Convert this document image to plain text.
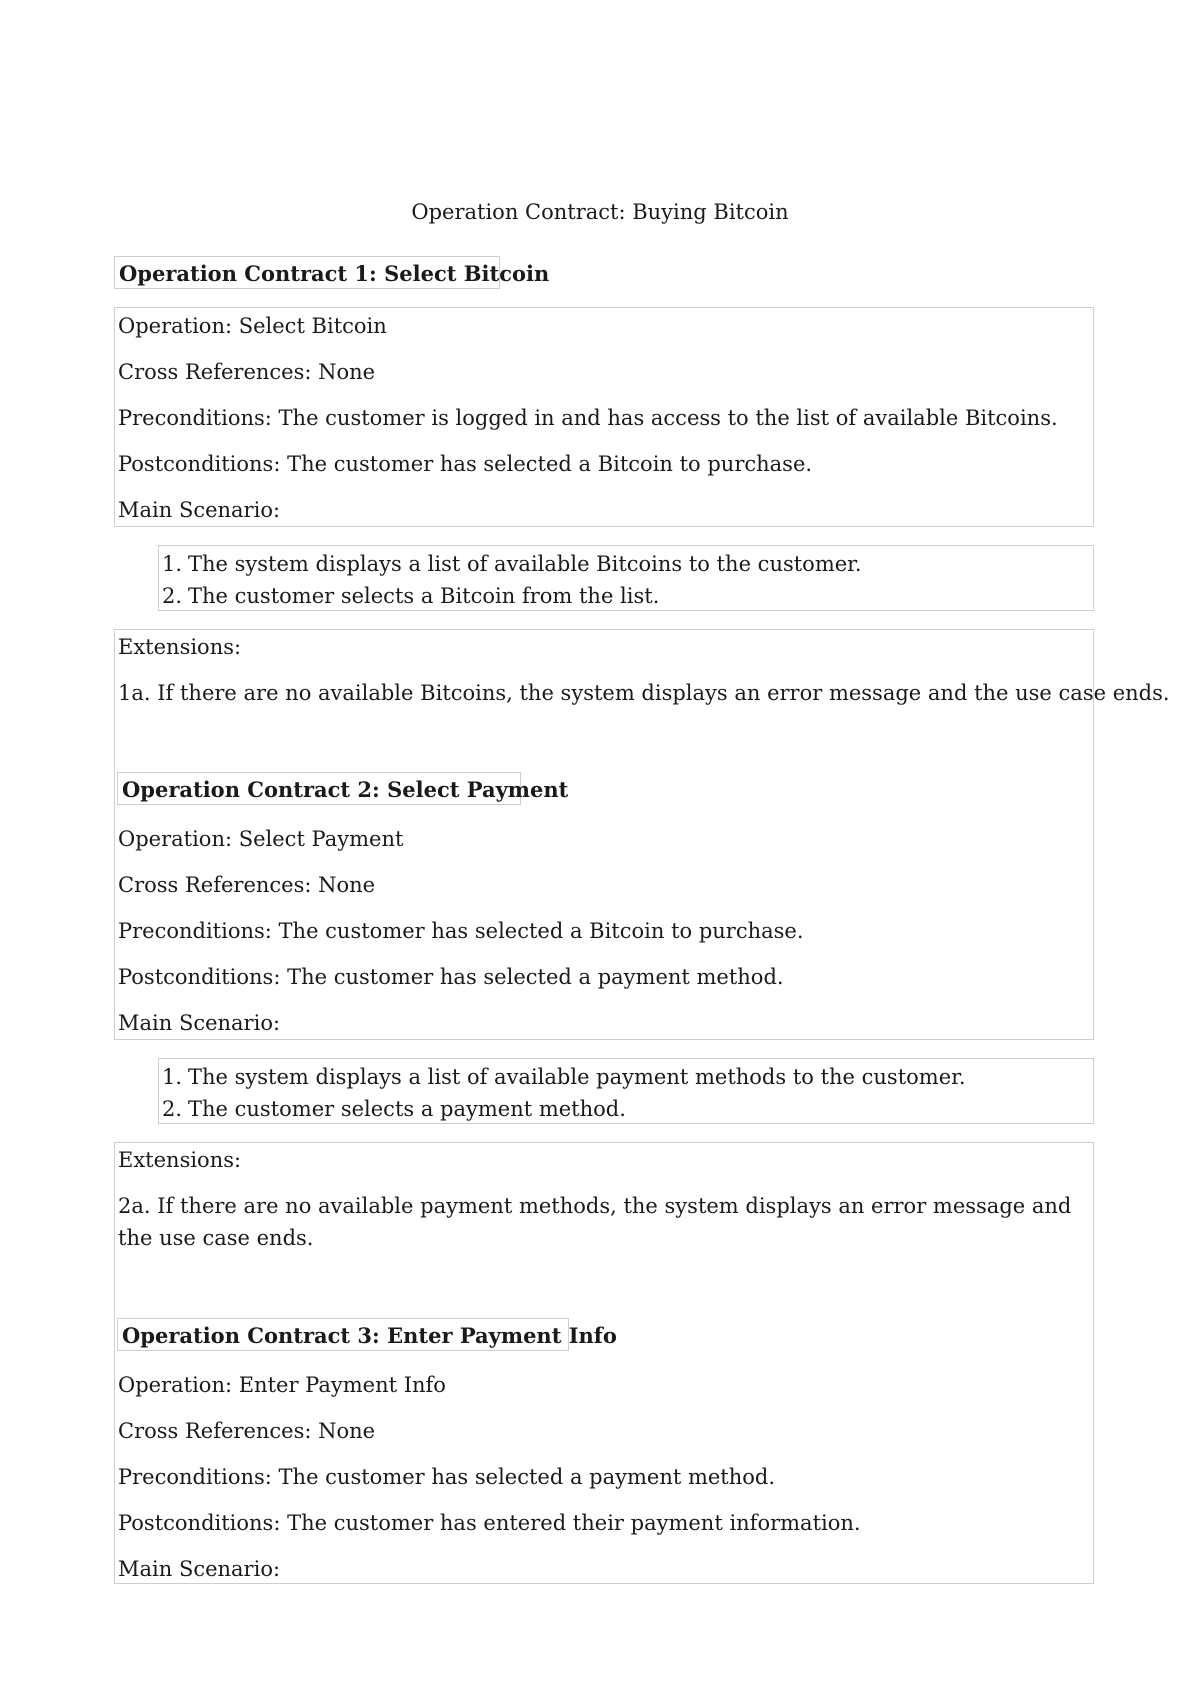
Operation Contract: Buying Bitcoin
Operation Contract 1: Select Bitcoin
Operation: Select Bitcoin
Cross References: None
Preconditions: The customer is logged in and has access to the list of available Bitcoins.
Postconditions: The customer has selected a Bitcoin to purchase.
Main Scenario:
1. The system displays a list of available Bitcoins to the customer.
2. The customer selects a Bitcoin from the list.
Extensions:
1a. If there are no available Bitcoins, the system displays an error message and the use case ends.
Operation Contract 2: Select Payment
Operation: Select Payment
Cross References: None
Preconditions: The customer has selected a Bitcoin to purchase.
Postconditions: The customer has selected a payment method.
Main Scenario:
1. The system displays a list of available payment methods to the customer.
2. The customer selects a payment method.
Extensions:
2a. If there are no available payment methods, the system displays an error message and the use case ends.
Operation Contract 3: Enter Payment Info
Operation: Enter Payment Info
Cross References: None
Preconditions: The customer has selected a payment method.
Postconditions: The customer has entered their payment information.
Main Scenario:
